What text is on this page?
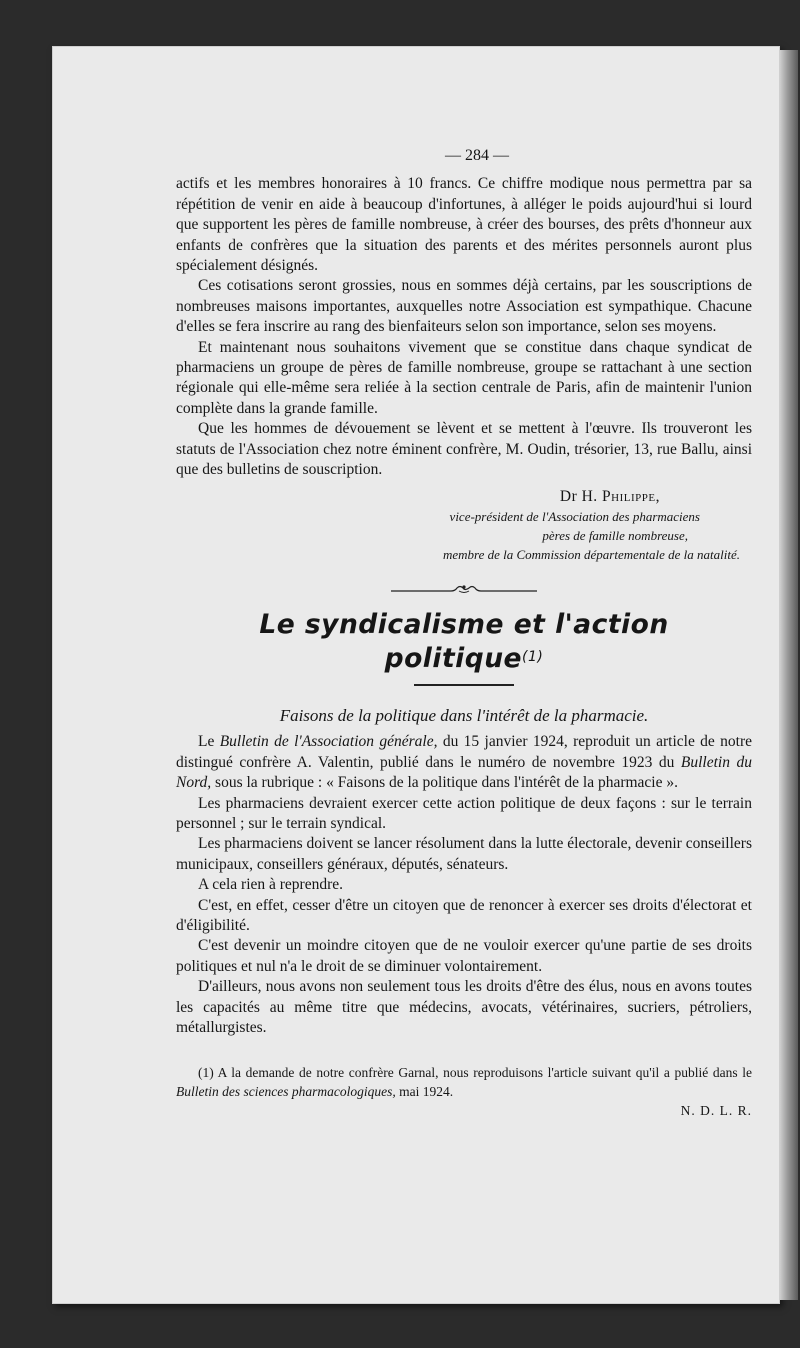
— 284 —

actifs et les membres honoraires à 10 francs. Ce chiffre modique nous permettra par sa répétition de venir en aide à beaucoup d'infortunes, à alléger le poids aujourd'hui si lourd que supportent les pères de famille nombreuse, à créer des bourses, des prêts d'honneur aux enfants de confrères que la situation des parents et des mérites personnels auront plus spécialement désignés.

Ces cotisations seront grossies, nous en sommes déjà certains, par les souscriptions de nombreuses maisons importantes, auxquelles notre Association est sympathique. Chacune d'elles se fera inscrire au rang des bienfaiteurs selon son importance, selon ses moyens.

Et maintenant nous souhaitons vivement que se constitue dans chaque syndicat de pharmaciens un groupe de pères de famille nombreuse, groupe se rattachant à une section régionale qui elle-même sera reliée à la section centrale de Paris, afin de maintenir l'union complète dans la grande famille.

Que les hommes de dévouement se lèvent et se mettent à l'œuvre. Ils trouveront les statuts de l'Association chez notre éminent confrère, M. Oudin, trésorier, 13, rue Ballu, ainsi que des bulletins de souscription.

Dr H. Philippe,
vice-président de l'Association des pharmaciens
pères de famille nombreuse,
membre de la Commission départementale de la natalité.
Le syndicalisme et l'action politique$^{(1)}$
Faisons de la politique dans l'intérêt de la pharmacie.

Le Bulletin de l'Association générale, du 15 janvier 1924, reproduit un article de notre distingué confrère A. Valentin, publié dans le numéro de novembre 1923 du Bulletin du Nord, sous la rubrique : « Faisons de la politique dans l'intérêt de la pharmacie ».

Les pharmaciens devraient exercer cette action politique de deux façons : sur le terrain personnel ; sur le terrain syndical.

Les pharmaciens doivent se lancer résolument dans la lutte électorale, devenir conseillers municipaux, conseillers généraux, députés, sénateurs.

A cela rien à reprendre.

C'est, en effet, cesser d'être un citoyen que de renoncer à exercer ses droits d'électorat et d'éligibilité.

C'est devenir un moindre citoyen que de ne vouloir exercer qu'une partie de ses droits politiques et nul n'a le droit de se diminuer volontairement.

D'ailleurs, nous avons non seulement tous les droits d'être des élus, nous en avons toutes les capacités au même titre que médecins, avocats, vétérinaires, sucriers, pétroliers, métallurgistes.

(1) A la demande de notre confrère Garnal, nous reproduisons l'article suivant qu'il a publié dans le Bulletin des sciences pharmacologiques, mai 1924.

N. D. L. R.
